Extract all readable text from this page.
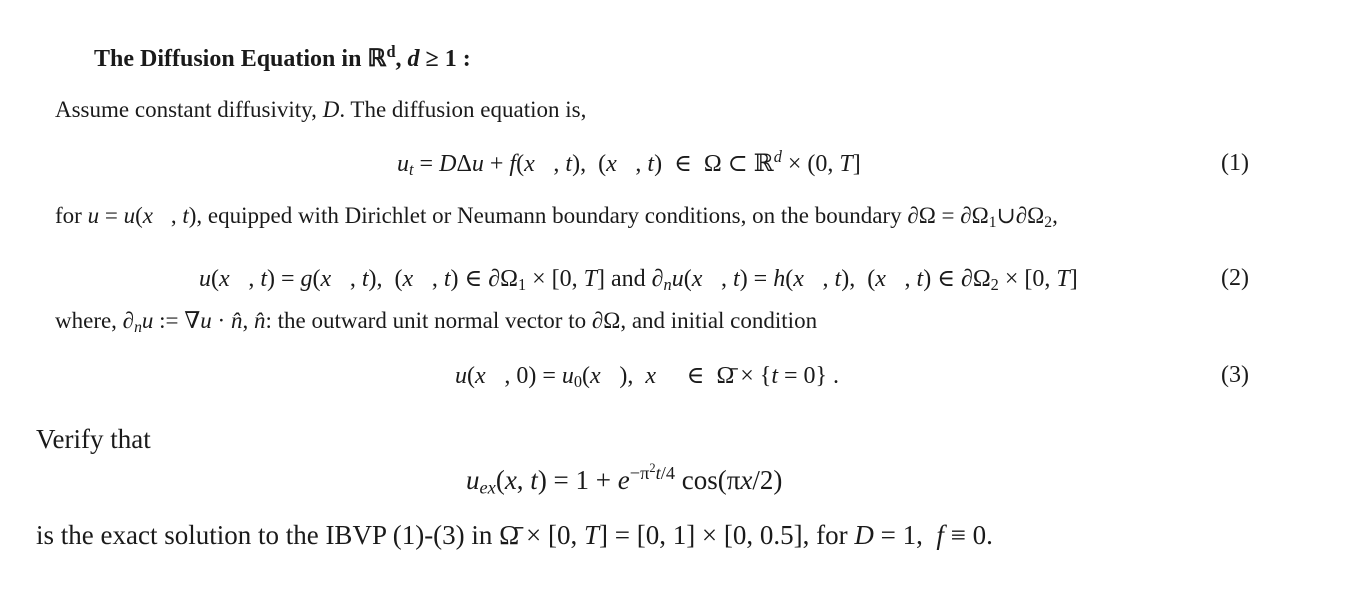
The Diffusion Equation in ℝ$^d$, d ≥ 1 :
Assume constant diffusivity, D. The diffusion equation is,
$u_t = D\Delta u$ + f(x⃗, t),  (x⃗, t)  ∈  Ω ⊂ ℝ$^d$ × (0, T]	(1)
for u = u(x⃗, t), equipped with Dirichlet or Neumann boundary conditions, on the boundary $\partial\Omega = \partial\Omega_1\cup\partial\Omega_2$,
u(x⃗, t) = g(x⃗, t),  (x⃗, t) ∈ $\partial\Omega_1 \times [0$, T] and $\partial_nu(x⃗$, t) = h(x⃗, t),  (x⃗, t) ∈ $\partial\Omega_2 \times [0$, T]	(2)
where, $\partial_nu$ := ∇u · n̂, n̂: the outward unit normal vector to ∂Ω, and initial condition
u(x⃗, $0) = u_0(x⃗)$,  x⃗  ∈  Ω̄ × {t = 0} .	(3)
Verify that
$u_{ex}(x$, $t) = 1 + e^{-\pi^2t/4}$ cos(πx/2)
is the exact solution to the IBVP (1)-(3) in Ω̄ × [0, T] = [0, 1] × [0, 0.5], for D = 1,  f ≡ 0.
